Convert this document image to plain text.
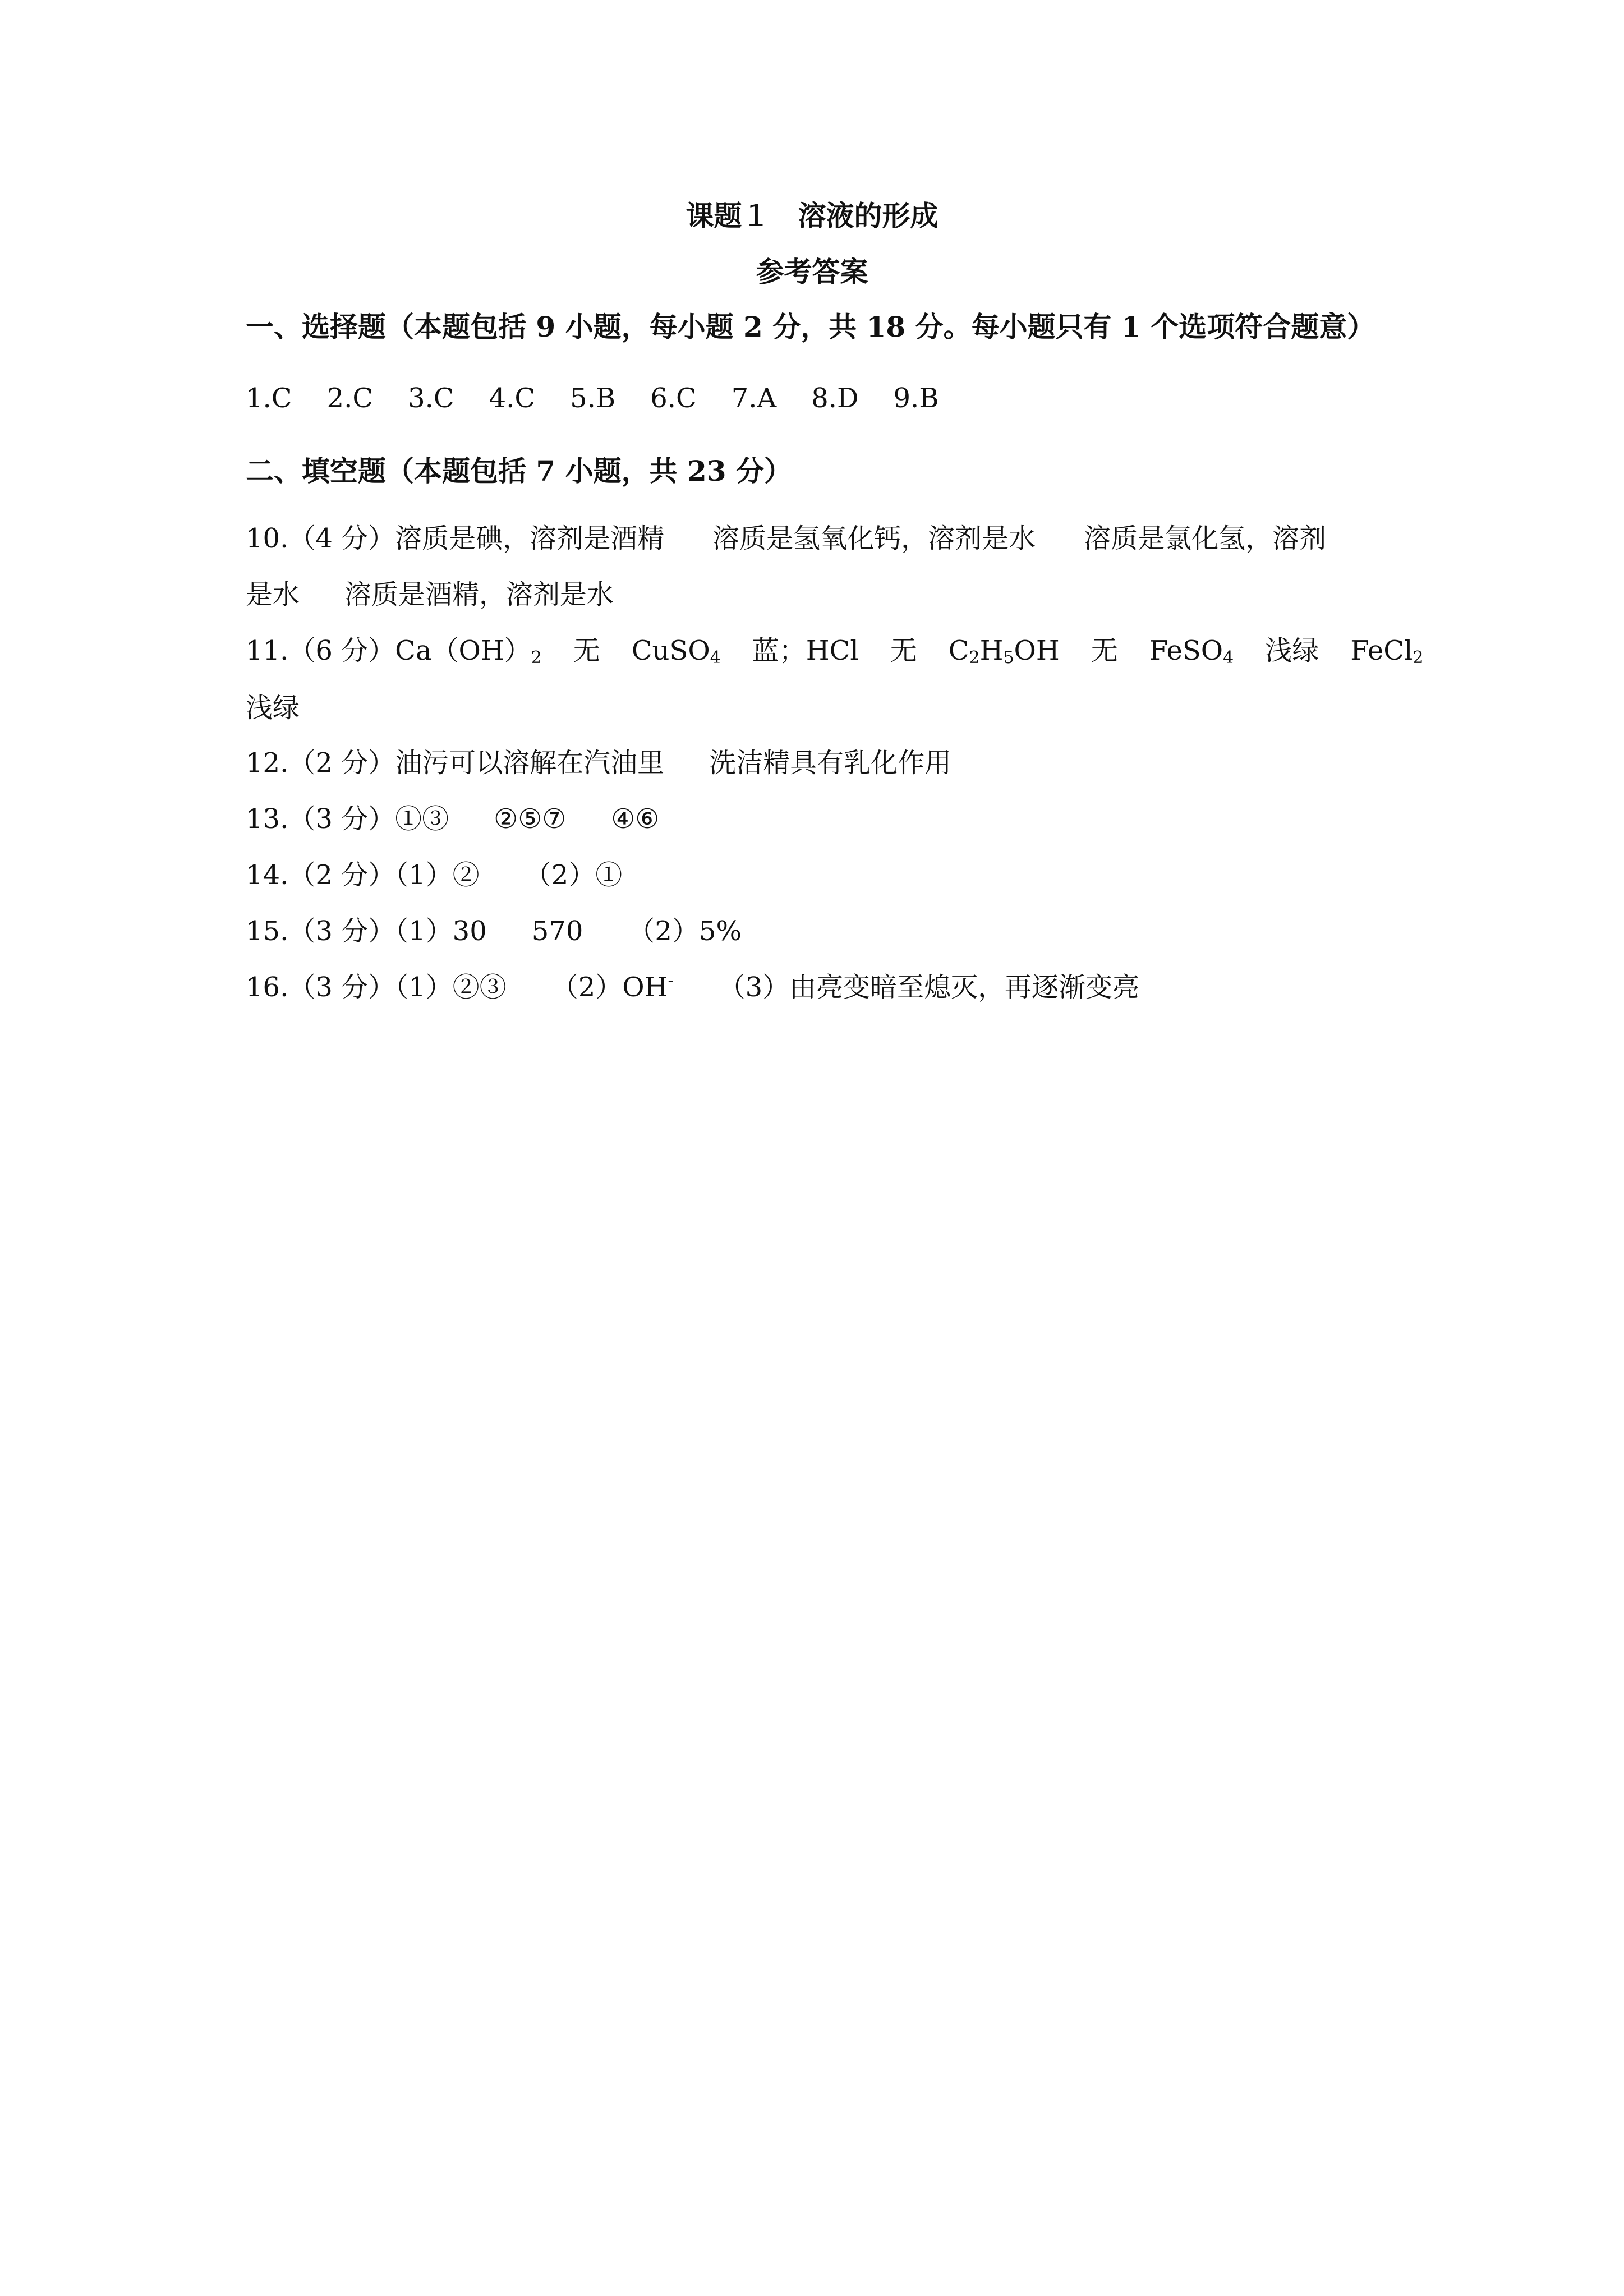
课题１　溶液的形成
参考答案
一、选择题（本题包括 9 小题，每小题 2 分，共 18 分。每小题只有 1 个选项符合题意）
1.C 2.C 3.C 4.C 5.B 6.C 7.A 8.D 9.B
二、填空题（本题包括 7 小题，共 23 分）
10.（4 分）溶质是碘，溶剂是酒精 溶质是氢氧化钙，溶剂是水 溶质是氯化氢，溶剂
是水 溶质是酒精，溶剂是水
11.（6 分）$Ca(OH)_2$ 无 CuSO$_4$ 蓝；HCl 无 $C_2H_5OH$ 无 FeSO$_4$ 浅绿 FeCl$_2$
浅绿
12.（2 分）油污可以溶解在汽油里 洗洁精具有乳化作用
13.（3 分）①③ ②⑤⑦ ④⑥
14.（2 分）（1）② （2）①
15.（3 分）（1）30 570 （2）5%
16.（3 分）（1）②③ （2）OH- （3）由亮变暗至熄灭，再逐渐变亮
